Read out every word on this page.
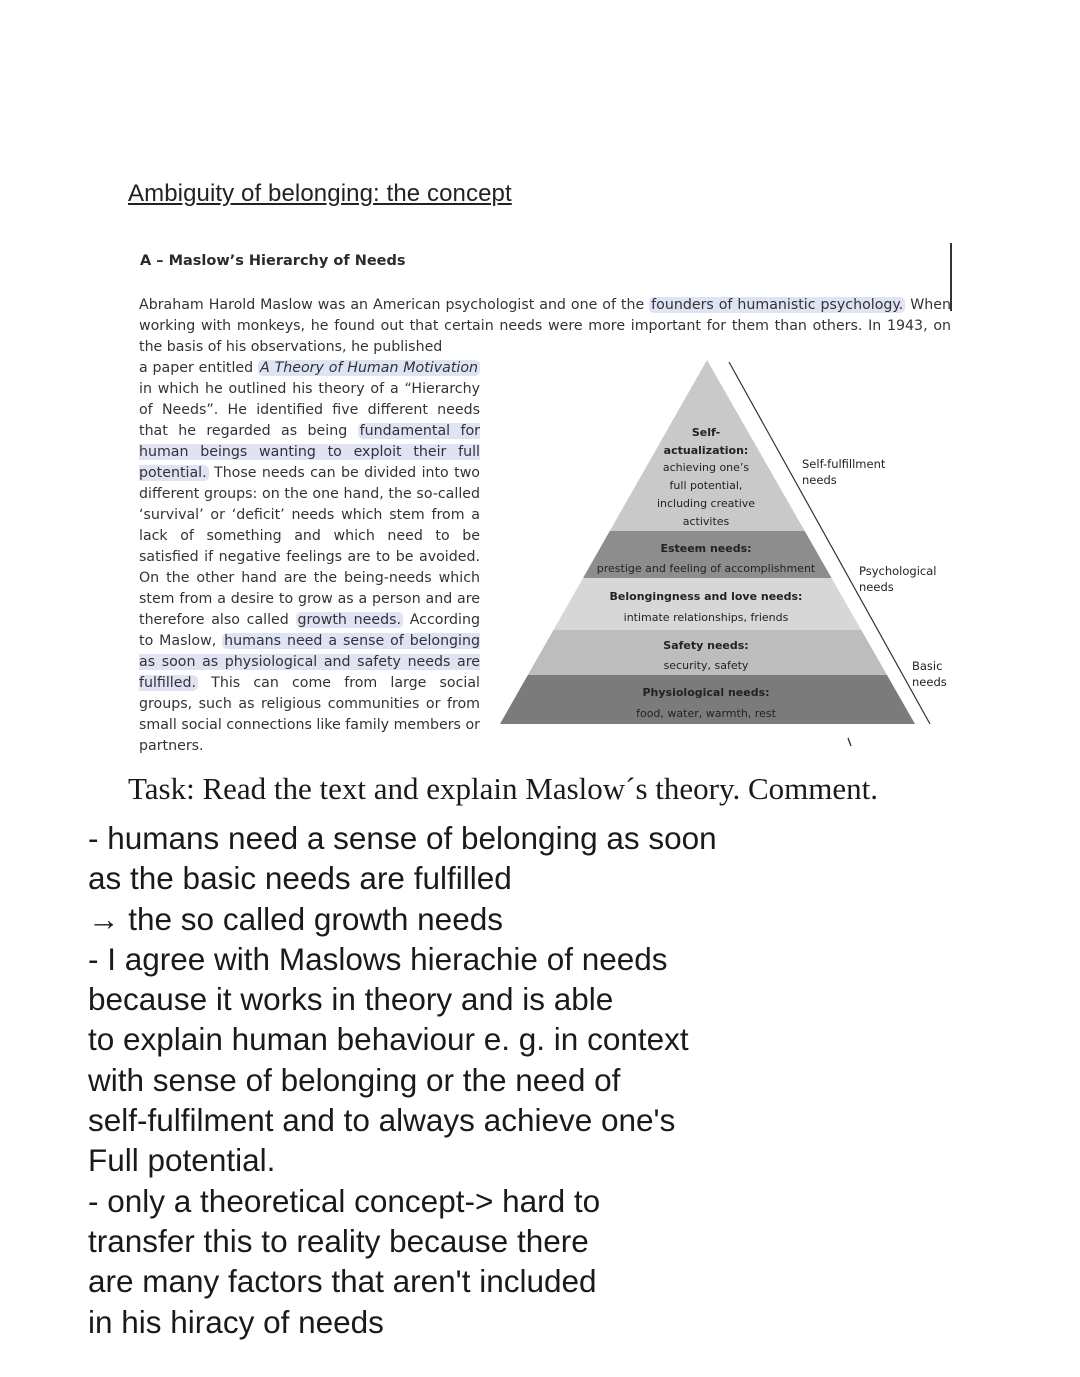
Ambiguity of belonging: the concept
A – Maslow’s Hierarchy of Needs
Abraham Harold Maslow was an American psychologist and one of the founders of humanistic psychology. When working with monkeys, he found out that certain needs were more important for them than others. In 1943, on the basis of his observations, he published
a paper entitled A Theory of Human Motivation in which he outlined his theory of a “Hierarchy of Needs”. He identified five different needs that he regarded as being fundamental for human beings wanting to exploit their full potential. Those needs can be divided into two different groups: on the one hand, the so-called ‘survival’ or ‘deficit’ needs which stem from a lack of something and which need to be satisfied if negative feelings are to be avoided. On the other hand are the being-needs which stem from a desire to grow as a person and are therefore also called growth needs. According to Maslow, humans need a sense of belonging as soon as physiological and safety needs are fulfilled. This can come from large social groups, such as religious communities or from small social connections like family members or partners.
Self-
actualization:
achieving one’s
full potential,
including creative
activites
Esteem needs:
prestige and feeling of accomplishment
Belongingness and love needs:
intimate relationships, friends
Safety needs:
security, safety
Physiological needs:
food, water, warmth, rest
Self-fulfillment
needs
Psychological
needs
Basic
needs
Task: Read the text and explain Maslow´s theory. Comment.

- humans need a sense of belonging as soon

as the basic needs are fulfilled

→ the so called growth needs

- I agree with Maslows hierachie of needs

because it works in theory and is able

to explain human behaviour e. g. in context

with sense of belonging or the need of

self-fulfilment and to always achieve one's

Full potential.

- only a theoretical concept-> hard to

transfer this to reality because there

are many factors that aren't included

in his hiracy of needs
